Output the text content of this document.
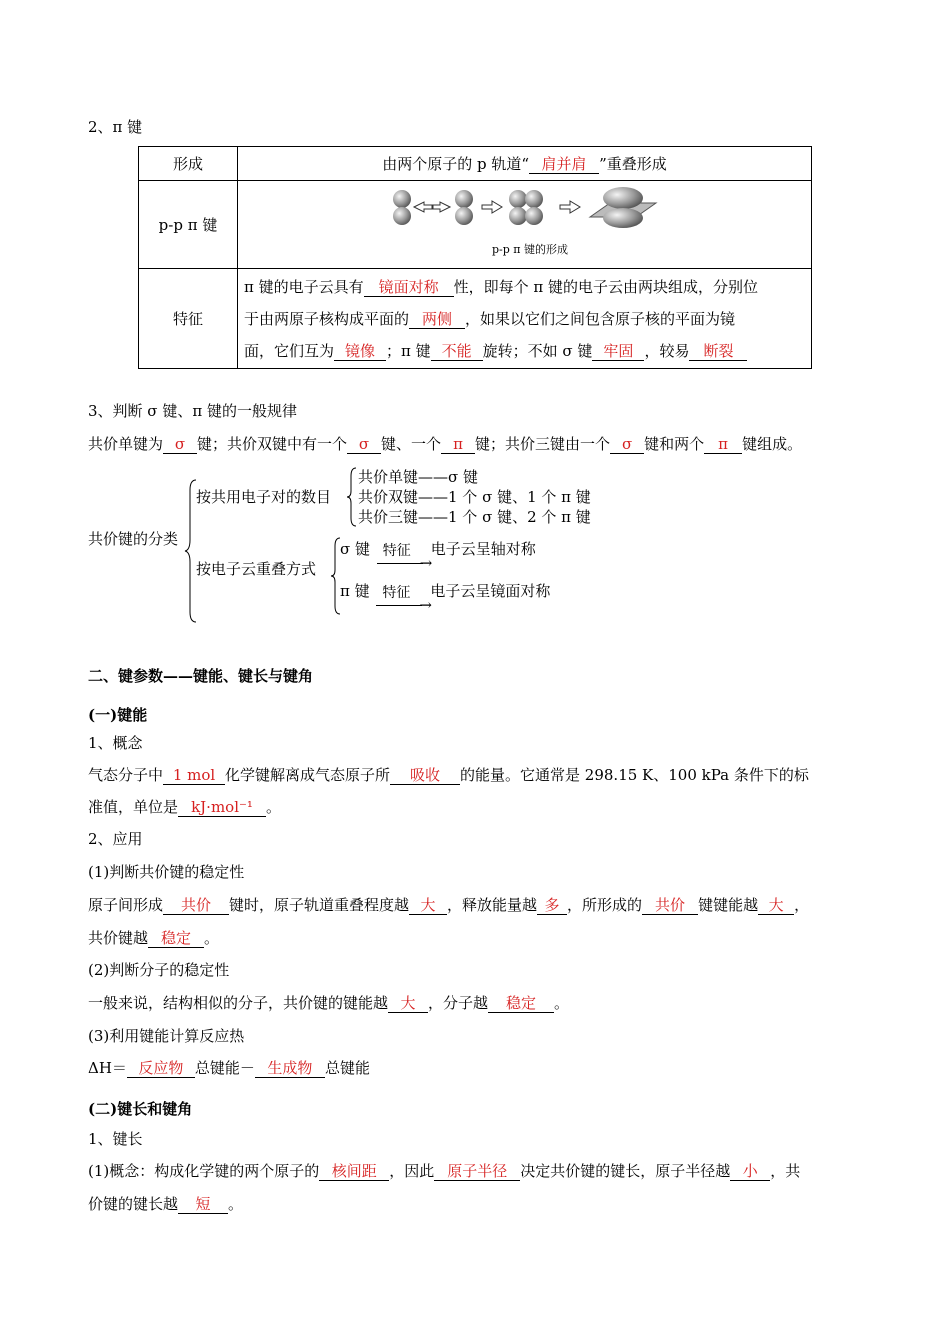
2、π 键
形成	由两个原子的 p 轨道“ 肩并肩 ”重叠形成
p-p π 键	p-p π 键的形成

特征	π 键的电子云具有 镜面对称 性，即每个 π 键的电子云由两块组成，分别位
于由两原子核构成平面的 两侧 ，如果以它们之间包含原子核的平面为镜
面，它们互为 镜像 ；π 键 不能 旋转；不如 σ 键 牢固 ，较易 断裂
3、判断 σ 键、π 键的一般规律
共价单键为 σ 键；共价双键中有一个 σ 键、一个 π 键；共价三键由一个 σ 键和两个 π 键组成。
共价键的分类
按共用电子对的数目
共价单键——σ 键
共价双键——1 个 σ 键、1 个 π 键
共价三键——1 个 σ 键、2 个 π 键
按电子云重叠方式
σ 键 特征
→
电子云呈轴对称
π 键 特征
→
电子云呈镜面对称
二、键参数——键能、键长与键角
(一)键能
1、概念
气态分子中 1 mol 化学键解离成气态原子所 吸收 的能量。它通常是 298.15 K、100 kPa 条件下的标
准值，单位是 kJ·mol⁻¹ 。
2、应用
(1)判断共价键的稳定性
原子间形成 共价 键时，原子轨道重叠程度越 大 ，释放能量越 多 ，所形成的 共价 键键能越 大 ，
共价键越 稳定 。
(2)判断分子的稳定性
一般来说，结构相似的分子，共价键的键能越 大 ，分子越 稳定 。
(3)利用键能计算反应热
ΔH＝ 反应物 总键能－ 生成物 总键能
(二)键长和键角
1、键长
(1)概念：构成化学键的两个原子的 核间距 ，因此 原子半径 决定共价键的键长，原子半径越 小 ，共
价键的键长越 短 。
